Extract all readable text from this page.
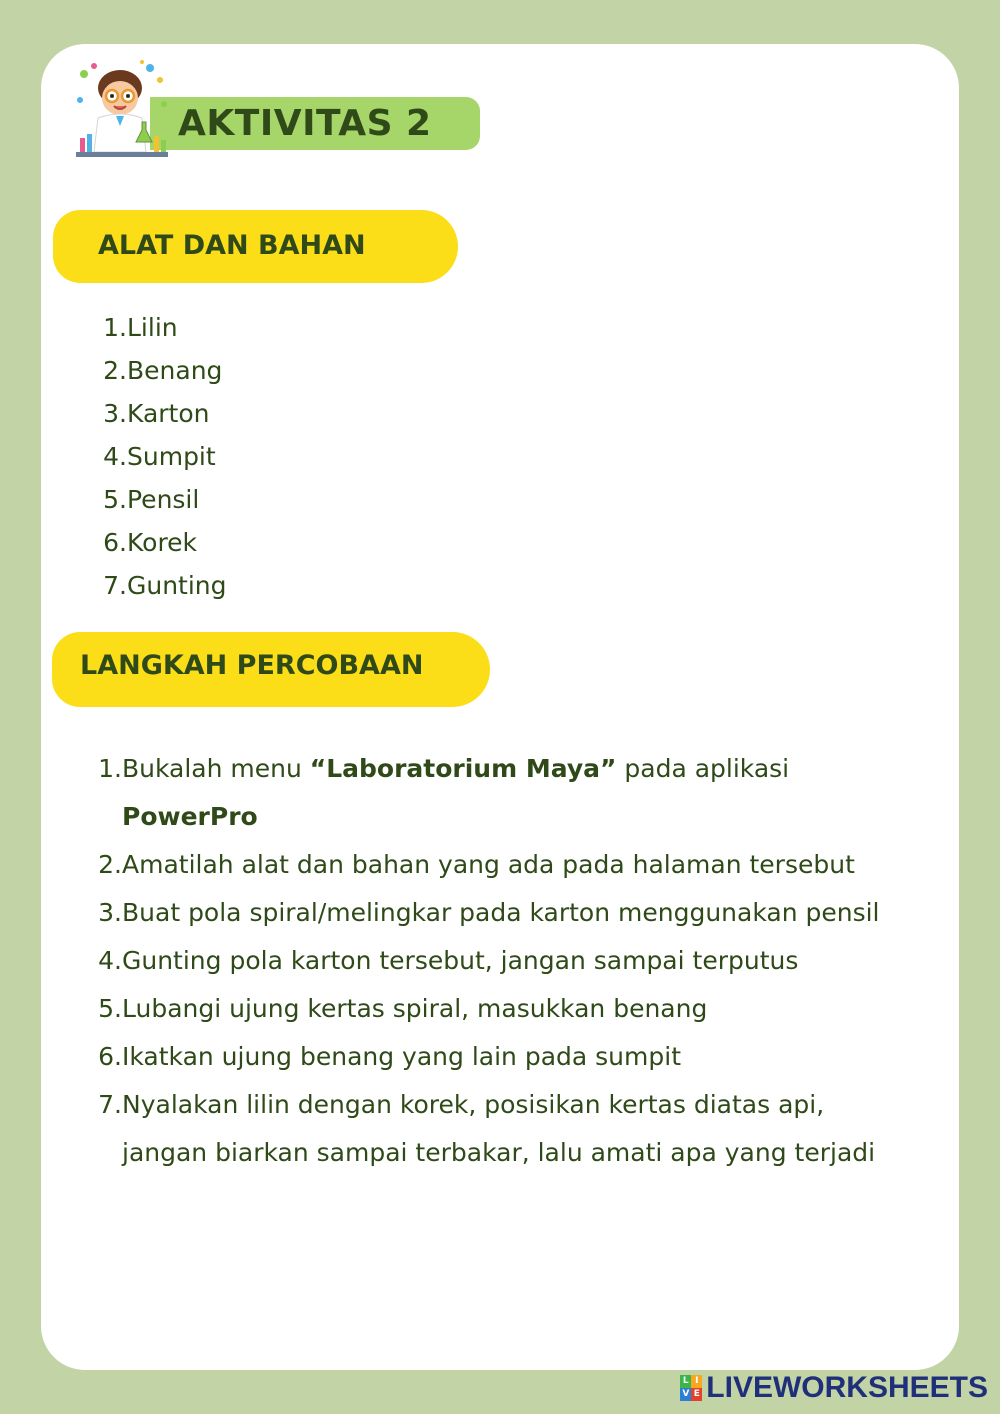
AKTIVITAS 2
ALAT DAN BAHAN
1.Lilin
2.Benang
3.Karton
4.Sumpit
5.Pensil
6.Korek
7.Gunting
LANGKAH PERCOBAAN
1. Bukalah menu “Laboratorium Maya” pada aplikasi
PowerPro
2. Amatilah alat dan bahan yang ada pada halaman tersebut
3. Buat pola spiral/melingkar pada karton menggunakan pensil
4. Gunting pola karton tersebut, jangan sampai terputus
5. Lubangi ujung kertas spiral, masukkan benang
6. Ikatkan ujung benang yang lain pada sumpit
7. Nyalakan lilin dengan korek, posisikan kertas diatas api, jangan biarkan sampai terbakar, lalu amati apa yang terjadi
L I
V E LIVEWORKSHEETS
